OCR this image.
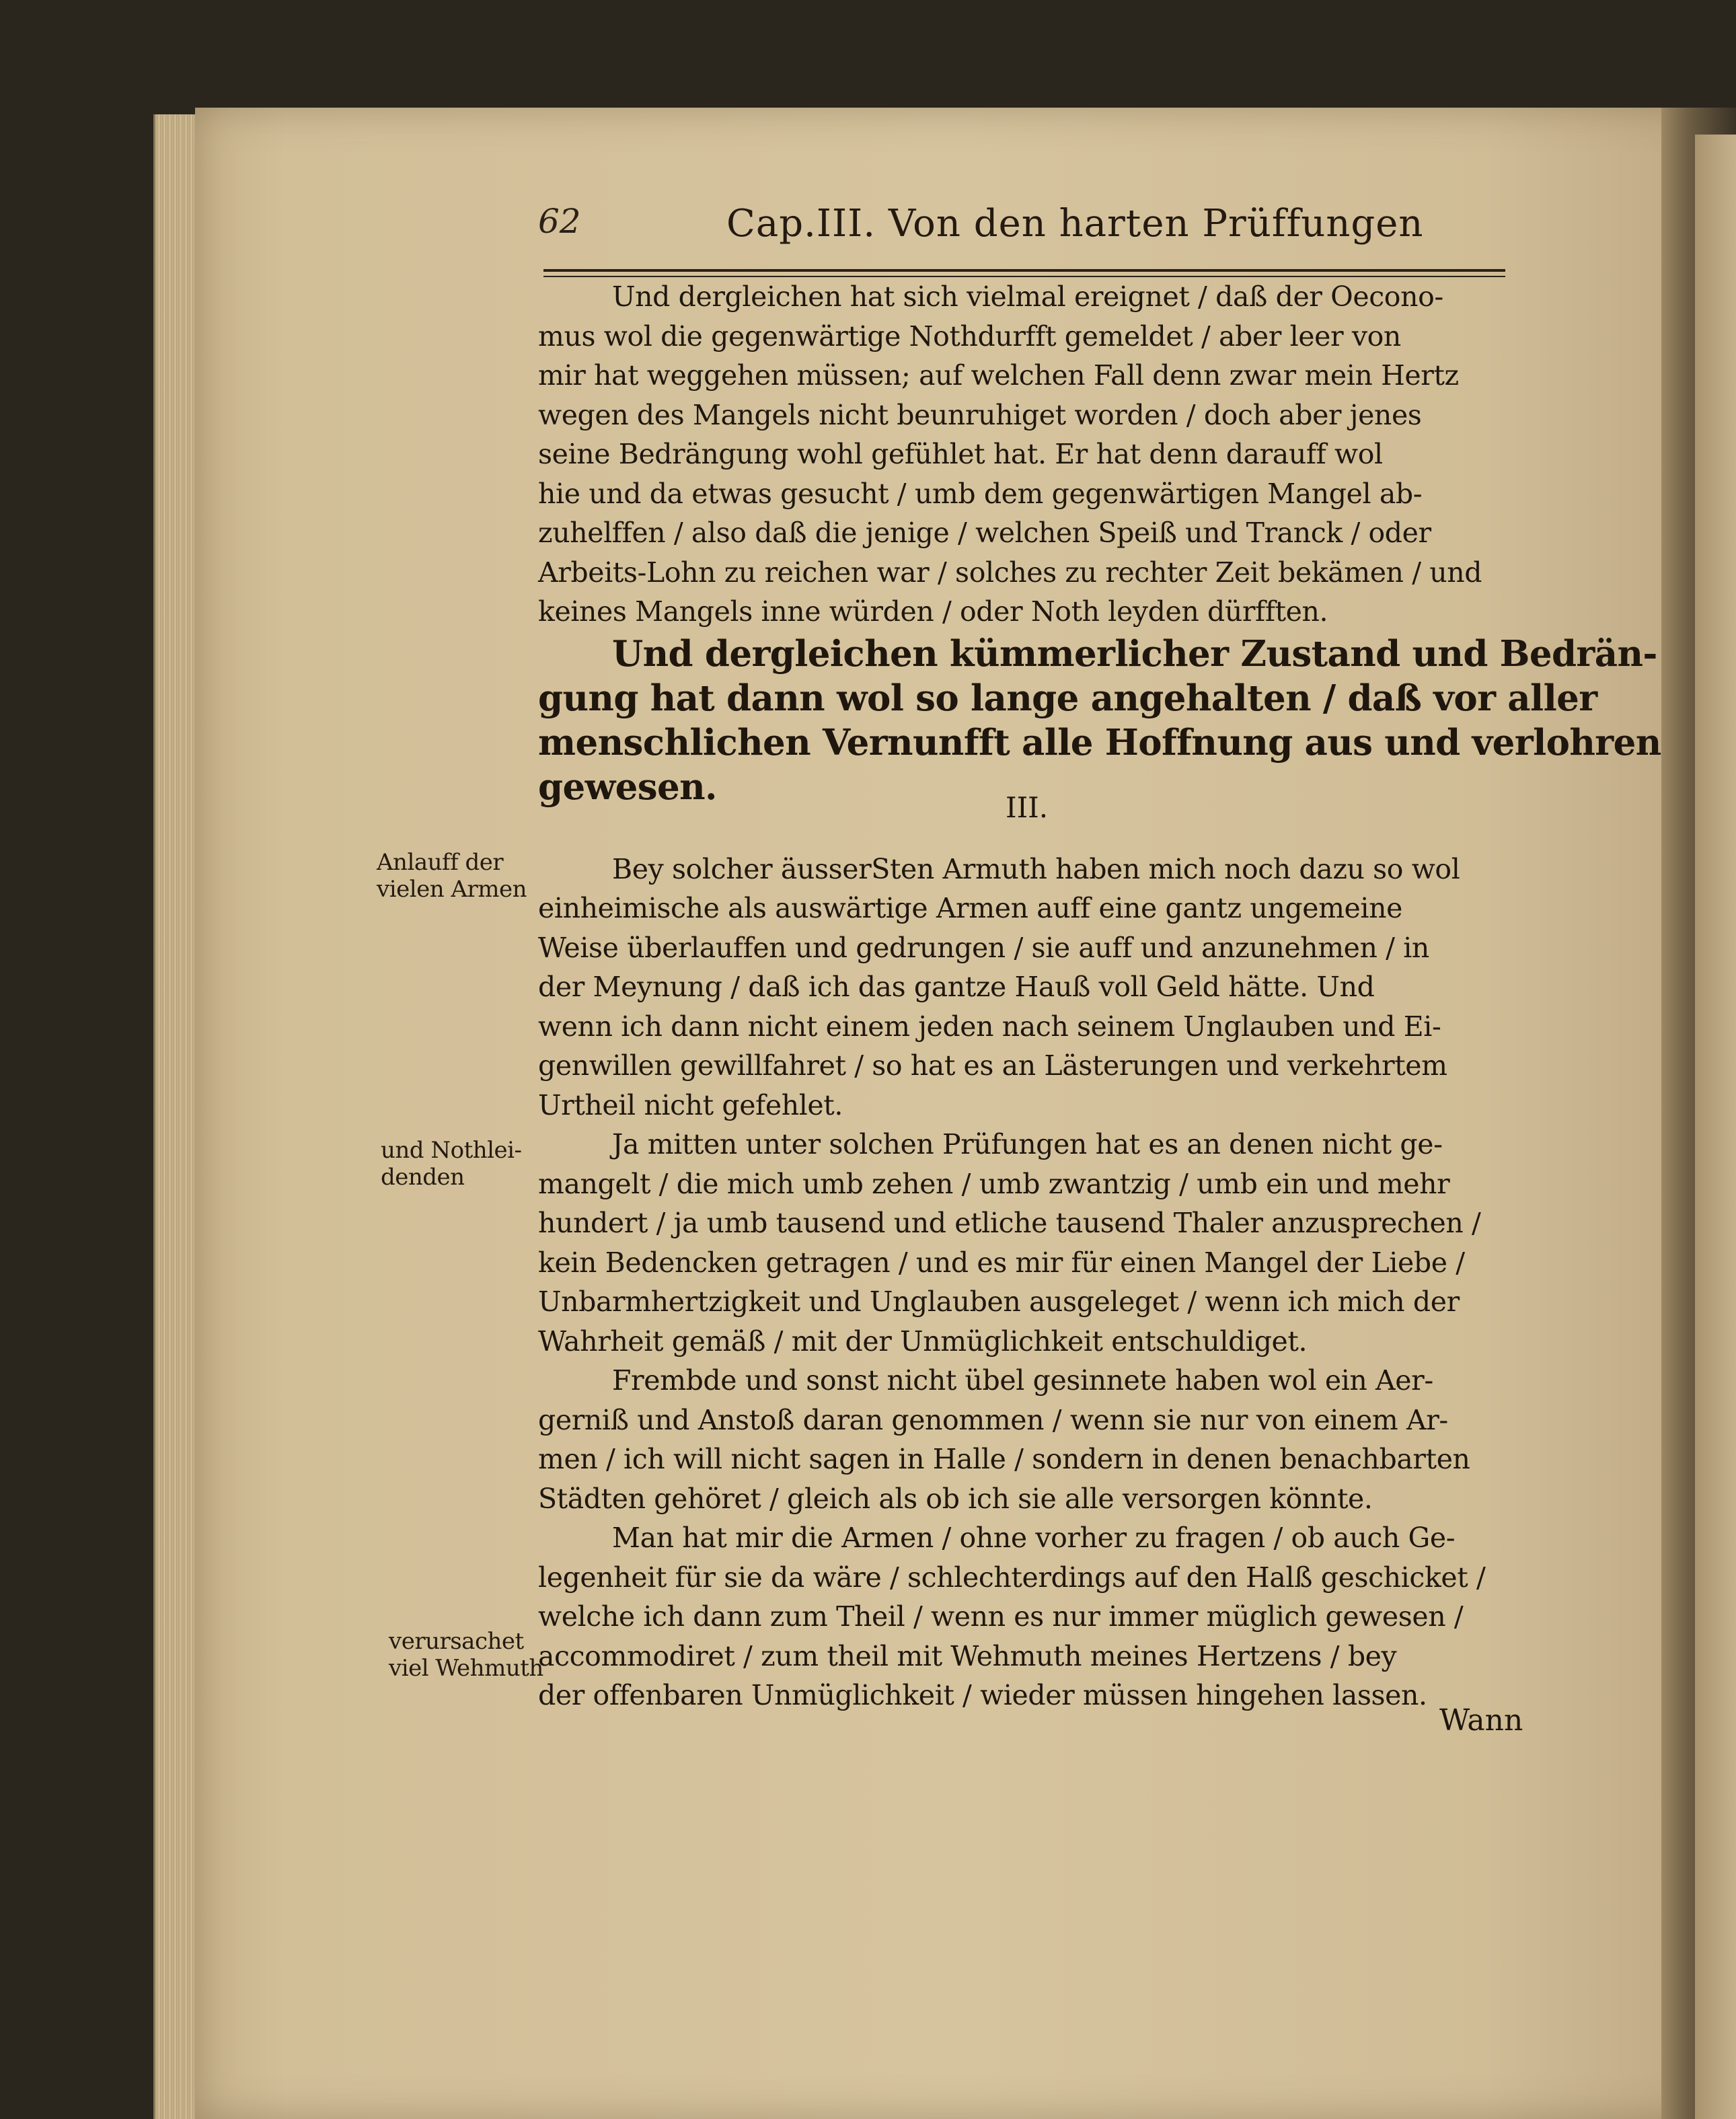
62	Cap.III. Von den harten Prüffungen
Und dergleichen hat sich vielmal ereignet / daß der Oecono-
mus wol die gegenwärtige Nothdurfft gemeldet / aber leer von
mir hat weggehen müssen; auf welchen Fall denn zwar mein Hertz
wegen des Mangels nicht beunruhiget worden / doch aber jenes
seine Bedrängung wohl gefühlet hat. Er hat denn darauff wol
hie und da etwas gesucht / umb dem gegenwärtigen Mangel ab-
zuhelffen / also daß die jenige / welchen Speiß und Tranck / oder
Arbeits-Lohn zu reichen war / solches zu rechter Zeit bekämen / und
keines Mangels inne würden / oder Noth leyden dürfften.
Und dergleichen kümmerlicher Zustand und Bedrän-
gung hat dann wol so lange angehalten / daß vor aller
menschlichen Vernunfft alle Hoffnung aus und verlohren
gewesen.
Bey solcher äusserSten Armuth haben mich noch dazu so wol
einheimische als auswärtige Armen auff eine gantz ungemeine
Weise überlauffen und gedrungen / sie auff und anzunehmen / in
der Meynung / daß ich das gantze Hauß voll Geld hätte. Und
wenn ich dann nicht einem jeden nach seinem Unglauben und Ei-
genwillen gewillfahret / so hat es an Lästerungen und verkehrtem
Urtheil nicht gefehlet.
Ja mitten unter solchen Prüfungen hat es an denen nicht ge-
mangelt / die mich umb zehen / umb zwantzig / umb ein und mehr
hundert / ja umb tausend und etliche tausend Thaler anzusprechen /
kein Bedencken getragen / und es mir für einen Mangel der Liebe /
Unbarmhertzigkeit und Unglauben ausgeleget / wenn ich mich der
Wahrheit gemäß / mit der Unmüglichkeit entschuldiget.
Frembde und sonst nicht übel gesinnete haben wol ein Aer-
gerniß und Anstoß daran genommen / wenn sie nur von einem Ar-
men / ich will nicht sagen in Halle / sondern in denen benachbarten
Städten gehöret / gleich als ob ich sie alle versorgen könnte.
Man hat mir die Armen / ohne vorher zu fragen / ob auch Ge-
legenheit für sie da wäre / schlechterdings auf den Halß geschicket /
welche ich dann zum Theil / wenn es nur immer müglich gewesen /
accommodiret / zum theil mit Wehmuth meines Hertzens / bey
der offenbaren Unmüglichkeit / wieder müssen hingehen lassen.
III.
Anlauff der
vielen Armen
und Nothlei-
denden
verursachet
viel Wehmuth
Wann
